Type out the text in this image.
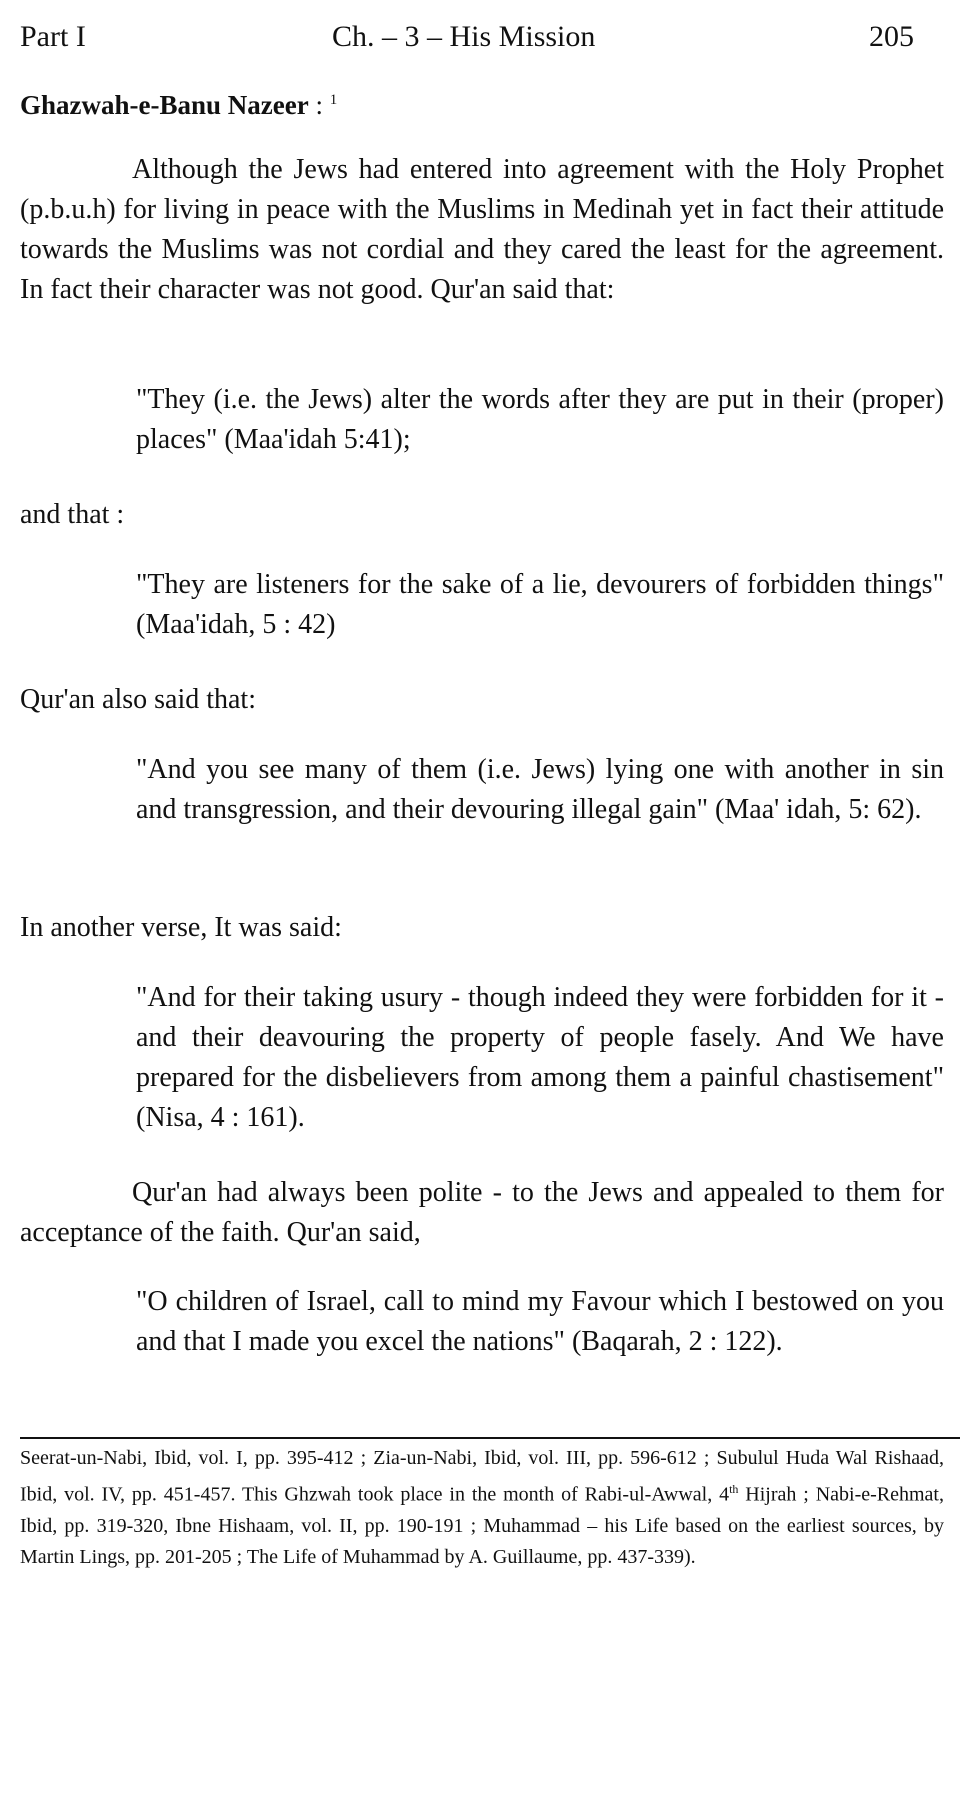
Part I	Ch. – 3 – His Mission	205
Ghazwah-e-Banu Nazeer : $^1$

Although the Jews had entered into agreement with the Holy Prophet (p.b.u.h) for living in peace with the Muslims in Medinah yet in fact their attitude towards the Muslims was not cordial and they cared the least for the agreement. In fact their character was not good. Qur'an said that:

"They (i.e. the Jews) alter the words after they are put in their (proper) places" (Maa'idah 5:41);

and that :

"They are listeners for the sake of a lie, devourers of forbidden things"(Maa'idah, 5 : 42)

Qur'an also said that:

"And you see many of them (i.e. Jews) lying one with another in sin and transgression, and their devouring illegal gain" (Maa' idah, 5: 62).

In another verse, It was said:

"And for their taking usury - though indeed they were forbidden for it - and their deavouring the property of people fasely. And We have prepared for the disbelievers from among them a painful chastisement" (Nisa, 4 : 161).

Qur'an had always been polite - to the Jews and appealed to them for acceptance of the faith. Qur'an said,

"O children of Israel, call to mind my Favour which I bestowed on you and that I made you excel the nations" (Baqarah, 2 : 122).

Seerat-un-Nabi, Ibid, vol. I, pp. 395-412 ; Zia-un-Nabi, Ibid, vol. III, pp. 596-612 ; Subulul Huda Wal Rishaad, Ibid, vol. IV, pp. 451-457. This Ghzwah took place in the month of Rabi-ul-Awwal, 4th Hijrah ; Nabi-e-Rehmat, Ibid, pp. 319-320, Ibne Hishaam, vol. II, pp. 190-191 ; Muhammad – his Life based on the earliest sources, by Martin Lings, pp. 201-205 ; The Life of Muhammad by A. Guillaume, pp. 437-339).
